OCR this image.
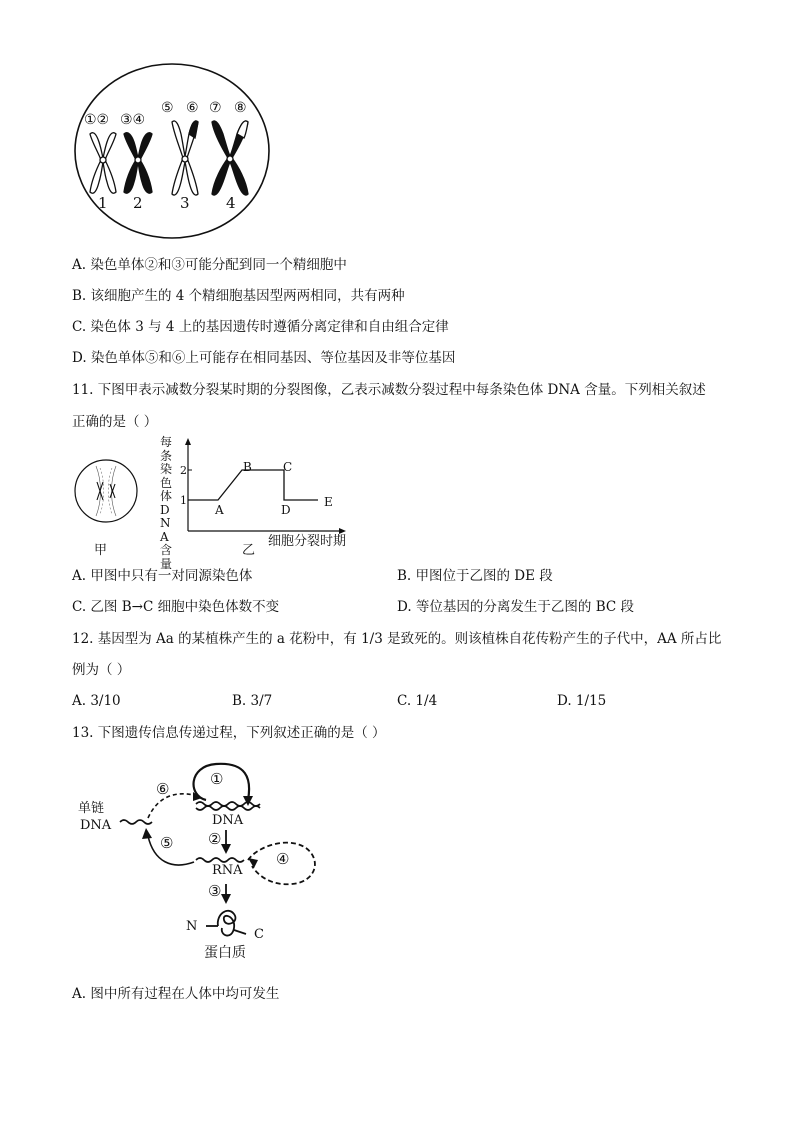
①② ③④
⑤ ⑥ ⑦ ⑧
1 2 3 4
A. 染色单体②和③可能分配到同一个精细胞中
B. 该细胞产生的 4 个精细胞基因型两两相同，共有两种
C. 染色体 3 与 4 上的基因遗传时遵循分离定律和自由组合定律
D. 染色单体⑤和⑥上可能存在相同基因、等位基因及非等位基因
11. 下图甲表示减数分裂某时期的分裂图像，乙表示减数分裂过程中每条染色体 DNA 含量。下列相关叙述
正确的是（ ）
甲
每条染色体DNA含量
2
1
A
B	C
D
E
乙
细胞分裂时期
A. 甲图中只有一对同源染色体	B. 甲图位于乙图的 DE 段
C. 乙图 B→C 细胞中染色体数不变	D. 等位基因的分离发生于乙图的 BC 段
12. 基因型为 Aa 的某植株产生的 a 花粉中，有 1/3 是致死的。则该植株自花传粉产生的子代中，AA 所占比
例为（ ）
A. 3/10	B. 3/7	C. 1/4	D. 1/15
13. 下图遗传信息传递过程，下列叙述正确的是（ ）
单链
DNA	DNA
RNA
蛋白质
N
C
①
②
③
④
⑤
⑥
A. 图中所有过程在人体中均可发生
